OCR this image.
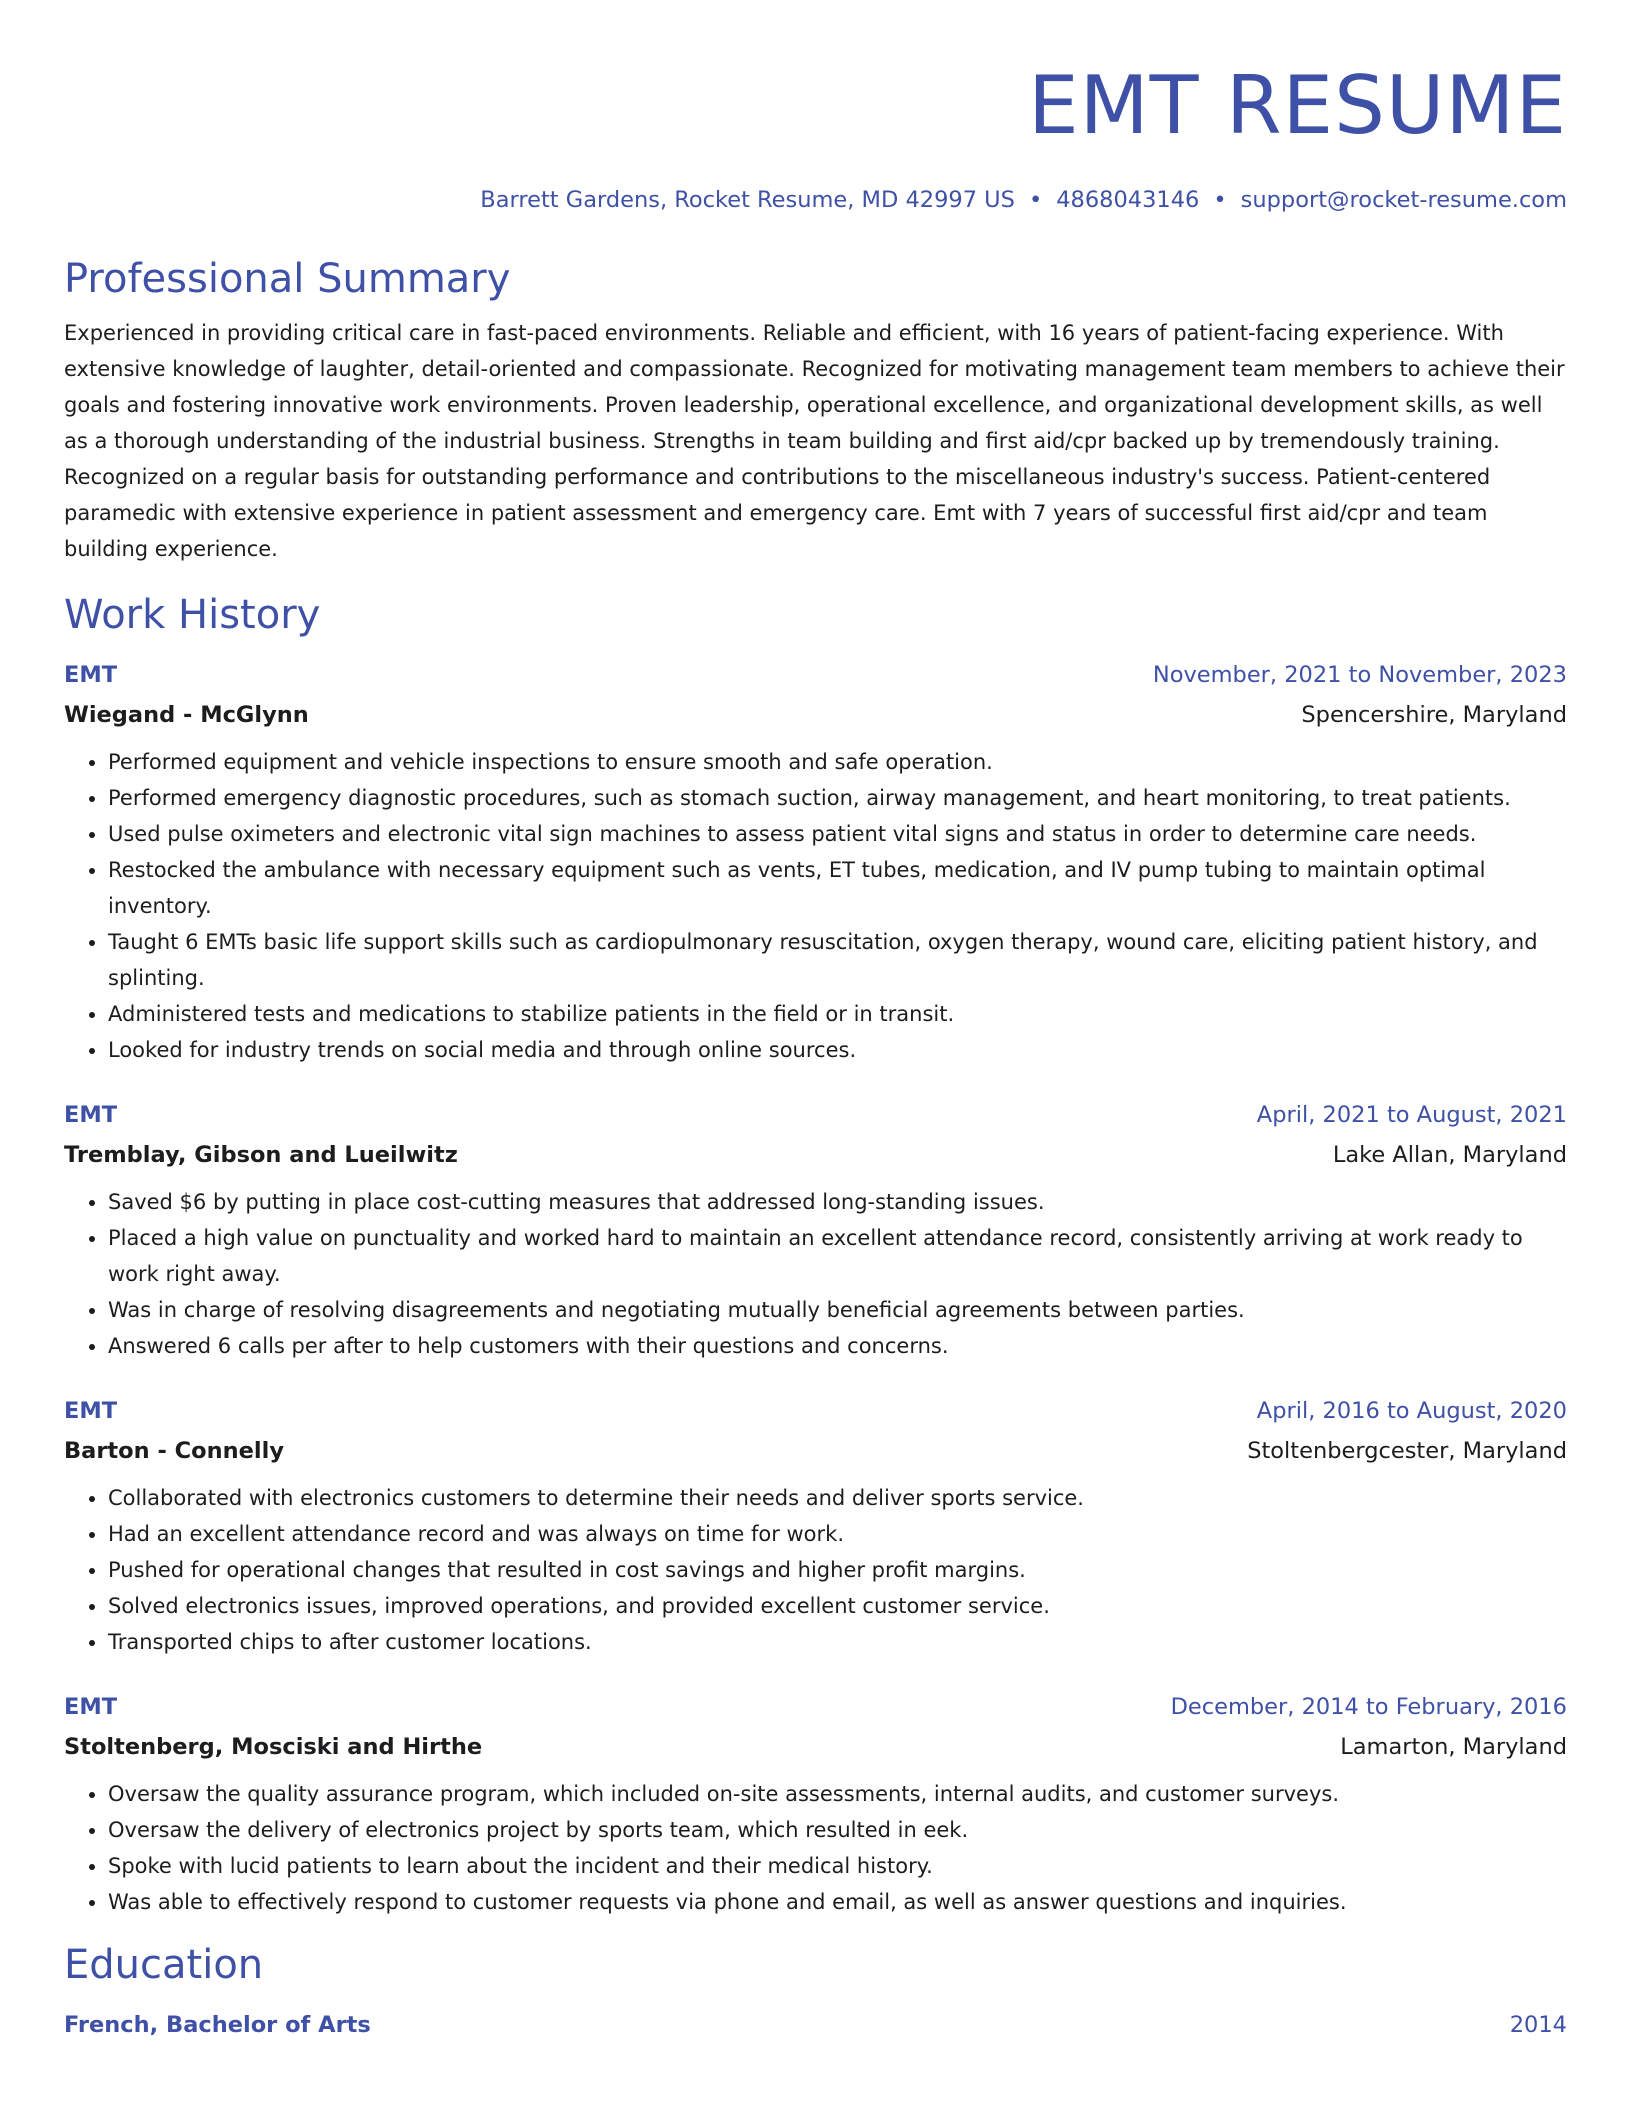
EMT RESUME
Barrett Gardens, Rocket Resume, MD 42997 US • 4868043146 • support@rocket-resume.com
Professional Summary

Experienced in providing critical care in fast-paced environments. Reliable and efficient, with 16 years of patient-facing experience. With extensive knowledge of laughter, detail-oriented and compassionate. Recognized for motivating management team members to achieve their goals and fostering innovative work environments. Proven leadership, operational excellence, and organizational development skills, as well as a thorough understanding of the industrial business. Strengths in team building and first aid/cpr backed up by tremendously training. Recognized on a regular basis for outstanding performance and contributions to the miscellaneous industry's success. Patient-centered paramedic with extensive experience in patient assessment and emergency care. Emt with 7 years of successful first aid/cpr and team building experience.

Work History
EMT	November, 2021 to November, 2023
Wiegand - McGlynn	Spencershire, Maryland
• Performed equipment and vehicle inspections to ensure smooth and safe operation.
• Performed emergency diagnostic procedures, such as stomach suction, airway management, and heart monitoring, to treat patients.
• Used pulse oximeters and electronic vital sign machines to assess patient vital signs and status in order to determine care needs.
• Restocked the ambulance with necessary equipment such as vents, ET tubes, medication, and IV pump tubing to maintain optimal inventory.
• Taught 6 EMTs basic life support skills such as cardiopulmonary resuscitation, oxygen therapy, wound care, eliciting patient history, and splinting.
• Administered tests and medications to stabilize patients in the field or in transit.
• Looked for industry trends on social media and through online sources.
EMT	April, 2021 to August, 2021
Tremblay, Gibson and Lueilwitz	Lake Allan, Maryland
• Saved $6 by putting in place cost-cutting measures that addressed long-standing issues.
• Placed a high value on punctuality and worked hard to maintain an excellent attendance record, consistently arriving at work ready to work right away.
• Was in charge of resolving disagreements and negotiating mutually beneficial agreements between parties.
• Answered 6 calls per after to help customers with their questions and concerns.
EMT	April, 2016 to August, 2020
Barton - Connelly	Stoltenbergcester, Maryland
• Collaborated with electronics customers to determine their needs and deliver sports service.
• Had an excellent attendance record and was always on time for work.
• Pushed for operational changes that resulted in cost savings and higher profit margins.
• Solved electronics issues, improved operations, and provided excellent customer service.
• Transported chips to after customer locations.
EMT	December, 2014 to February, 2016
Stoltenberg, Mosciski and Hirthe	Lamarton, Maryland
• Oversaw the quality assurance program, which included on-site assessments, internal audits, and customer surveys.
• Oversaw the delivery of electronics project by sports team, which resulted in eek.
• Spoke with lucid patients to learn about the incident and their medical history.
• Was able to effectively respond to customer requests via phone and email, as well as answer questions and inquiries.
Education
French, Bachelor of Arts	2014
